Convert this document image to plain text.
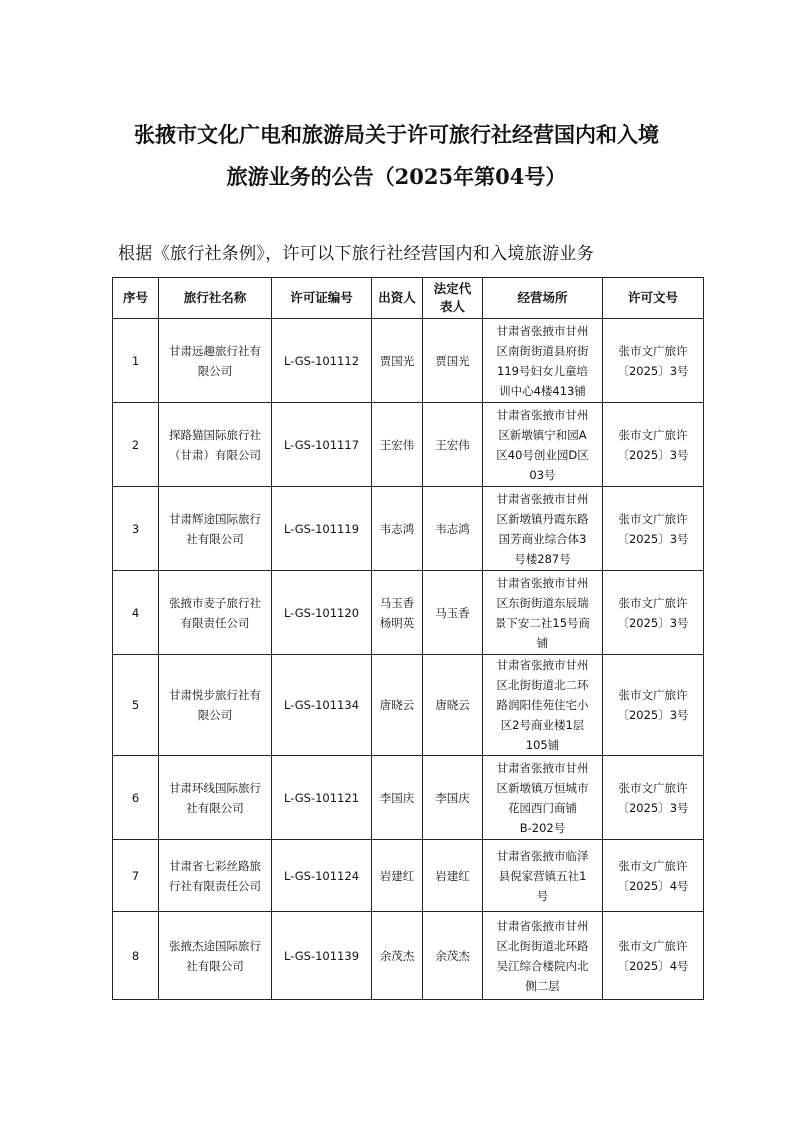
张掖市文化广电和旅游局关于许可旅行社经营国内和入境
旅游业务的公告（2025年第04号）
根据《旅行社条例》，许可以下旅行社经营国内和入境旅游业务
序号	旅行社名称	许可证编号	出资人	法定代
表人	经营场所	许可文号
1	甘肃远趣旅行社有
限公司	L-GS-101112	贾国光	贾国光	甘肃省张掖市甘州
区南街街道县府街
119号妇女儿童培
训中心4楼413铺	张市文广旅许
〔2025〕3号
2	探路猫国际旅行社
（甘肃）有限公司	L-GS-101117	王宏伟	王宏伟	甘肃省张掖市甘州
区新墩镇宁和园A
区40号创业园D区
03号	张市文广旅许
〔2025〕3号
3	甘肃辉途国际旅行
社有限公司	L-GS-101119	韦志鸿	韦志鸿	甘肃省张掖市甘州
区新墩镇丹霞东路
国芳商业综合体3
号楼287号	张市文广旅许
〔2025〕3号
4	张掖市麦子旅行社
有限责任公司	L-GS-101120	马玉香
杨明英	马玉香	甘肃省张掖市甘州
区东街街道东辰瑞
景下安二社15号商
铺	张市文广旅许
〔2025〕3号
5	甘肃悦步旅行社有
限公司	L-GS-101134	唐晓云	唐晓云	甘肃省张掖市甘州
区北街街道北二环
路润阳佳苑住宅小
区2号商业楼1层
105铺	张市文广旅许
〔2025〕3号
6	甘肃环线国际旅行
社有限公司	L-GS-101121	李国庆	李国庆	甘肃省张掖市甘州
区新墩镇万恒城市
花园西门商铺
B-202号	张市文广旅许
〔2025〕3号
7	甘肃省七彩丝路旅
行社有限责任公司	L-GS-101124	岩建红	岩建红	甘肃省张掖市临泽
县倪家营镇五社1
号	张市文广旅许
〔2025〕4号
8	张掖杰途国际旅行
社有限公司	L-GS-101139	余茂杰	余茂杰	甘肃省张掖市甘州
区北街街道北环路
吴江综合楼院内北
侧二层	张市文广旅许
〔2025〕4号
